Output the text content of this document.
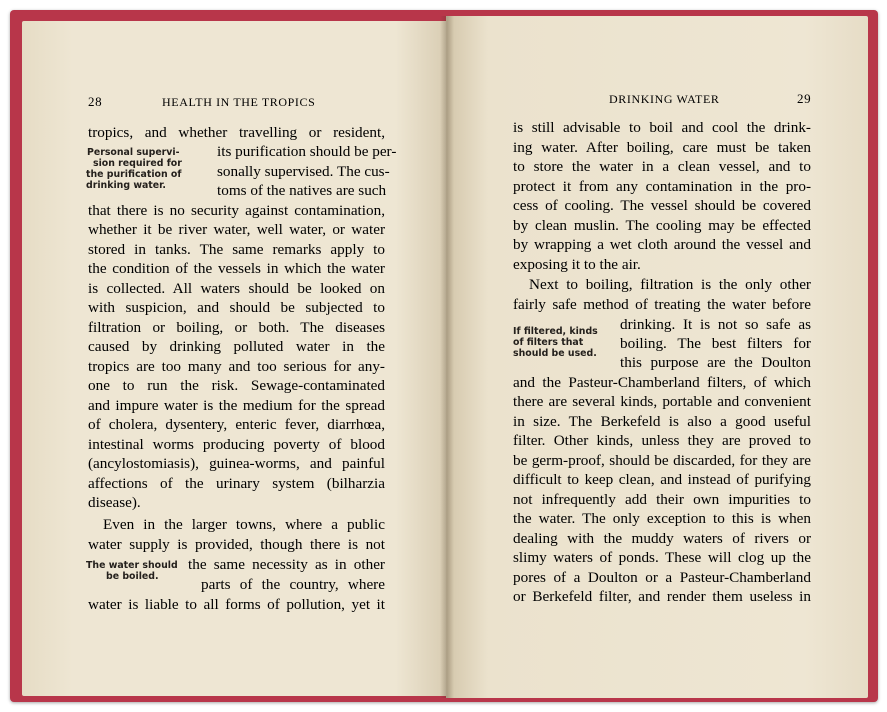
28	HEALTH IN THE TROPICS
Personal supervi-
sion required for
the purification of
drinking water.
The water should
be boiled.
tropics, and whether travelling or resident,
its purification should be per-
sonally supervised. The cus-
toms of the natives are such
that there is no security against contamination,
whether it be river water, well water, or water
stored in tanks. The same remarks apply to
the condition of the vessels in which the water
is collected. All waters should be looked on
with suspicion, and should be subjected to
filtration or boiling, or both. The diseases
caused by drinking polluted water in the
tropics are too many and too serious for any-
one to run the risk. Sewage-contaminated
and impure water is the medium for the spread
of cholera, dysentery, enteric fever, diarrhœa,
intestinal worms producing poverty of blood
(ancylostomiasis), guinea-worms, and painful
affections of the urinary system (bilharzia
disease).
Even in the larger towns, where a public
water supply is provided, though there is not
the same necessity as in other
parts of the country, where
water is liable to all forms of pollution, yet it
DRINKING WATER	29
If filtered, kinds
of filters that
should be used.
is still advisable to boil and cool the drink-
ing water. After boiling, care must be taken
to store the water in a clean vessel, and to
protect it from any contamination in the pro-
cess of cooling. The vessel should be covered
by clean muslin. The cooling may be effected
by wrapping a wet cloth around the vessel and
exposing it to the air.
Next to boiling, filtration is the only other
fairly safe method of treating the water before
drinking. It is not so safe as
boiling. The best filters for
this purpose are the Doulton
and the Pasteur-Chamberland filters, of which
there are several kinds, portable and convenient
in size. The Berkefeld is also a good useful
filter. Other kinds, unless they are proved to
be germ-proof, should be discarded, for they are
difficult to keep clean, and instead of purifying
not infrequently add their own impurities to
the water. The only exception to this is when
dealing with the muddy waters of rivers or
slimy waters of ponds. These will clog up the
pores of a Doulton or a Pasteur-Chamberland
or Berkefeld filter, and render them useless in
